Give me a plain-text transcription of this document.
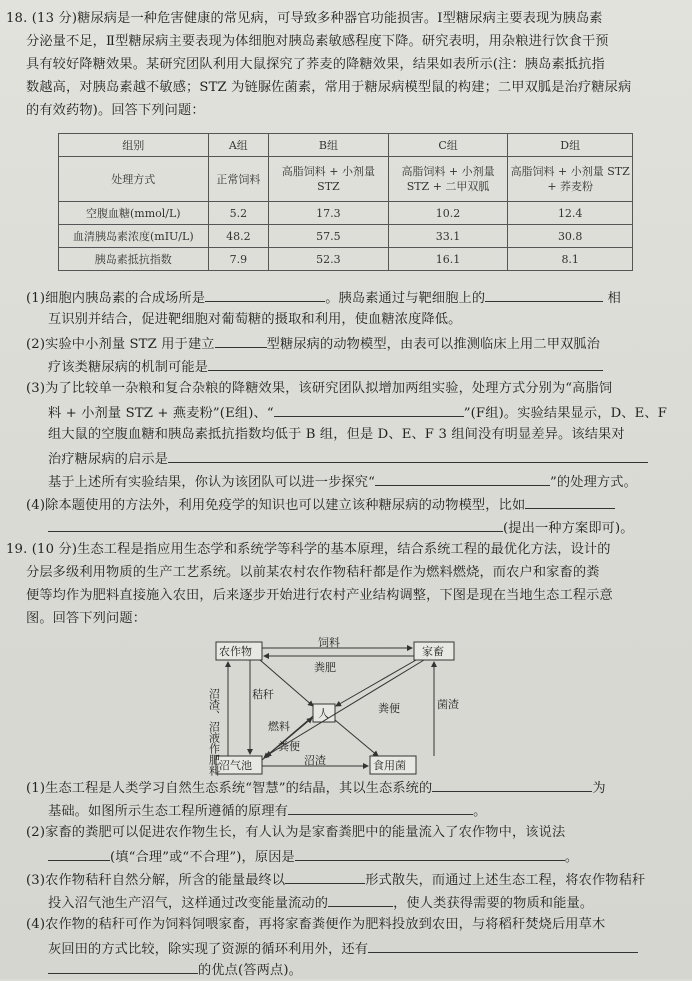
18. (13 分)糖尿病是一种危害健康的常见病，可导致多种器官功能损害。Ⅰ型糖尿病主要表现为胰岛素
分泌量不足，Ⅱ型糖尿病主要表现为体细胞对胰岛素敏感程度下降。研究表明，用杂粮进行饮食干预
具有较好降糖效果。某研究团队利用大鼠探究了荞麦的降糖效果，结果如表所示(注：胰岛素抵抗指
数越高，对胰岛素越不敏感；STZ 为链脲佐菌素，常用于糖尿病模型鼠的构建；二甲双胍是治疗糖尿病
的有效药物)。回答下列问题：
组别	A组	B组	C组	D组
处理方式	正常饲料	高脂饲料 + 小剂量 STZ	高脂饲料 + 小剂量 STZ + 二甲双胍	高脂饲料 + 小剂量 STZ + 荞麦粉
空腹血糖(mmol/L)	5.2	17.3	10.2	12.4
血清胰岛素浓度(mIU/L)	48.2	57.5	33.1	30.8
胰岛素抵抗指数	7.9	52.3	16.1	8.1
(1)细胞内胰岛素的合成场所是	。胰岛素通过与靶细胞上的	相
互识别并结合，促进靶细胞对葡萄糖的摄取和利用，使血糖浓度降低。
(2)实验中小剂量 STZ 用于建立	型糖尿病的动物模型，由表可以推测临床上用二甲双胍治
疗该类糖尿病的机制可能是
(3)为了比较单一杂粮和复合杂粮的降糖效果，该研究团队拟增加两组实验，处理方式分别为“高脂饲
料 + 小剂量 STZ + 燕麦粉”(E组)、“	”(F组)。实验结果显示，D、E、F
组大鼠的空腹血糖和胰岛素抵抗指数均低于 B 组，但是 D、E、F 3 组间没有明显差异。该结果对
治疗糖尿病的启示是
基于上述所有实验结果，你认为该团队可以进一步探究“	”的处理方式。
(4)除本题使用的方法外，利用免疫学的知识也可以建立该种糖尿病的动物模型，比如
(提出一种方案即可)。
19. (10 分)生态工程是指应用生态学和系统学等科学的基本原理，结合系统工程的最优化方法，设计的
分层多级利用物质的生产工艺系统。以前某农村农作物秸秆都是作为燃料燃烧，而农户和家畜的粪
便等均作为肥料直接施入农田，后来逐步开始进行农村产业结构调整，下图是现在当地生态工程示意
图。回答下列问题：
农作物	家畜
人
沼气池	食用菌
饲料
粪肥
秸秆
沼渣、沼液作肥料	燃料
粪便
粪便	菌渣
沼渣
(1)生态工程是人类学习自然生态系统“智慧”的结晶，其以生态系统的	为
基础。如图所示生态工程所遵循的原理有	。
(2)家畜的粪肥可以促进农作物生长，有人认为是家畜粪肥中的能量流入了农作物中，该说法
(填“合理”或“不合理”)，原因是	。
(3)农作物秸秆自然分解，所含的能量最终以	形式散失，而通过上述生态工程，将农作物秸秆
投入沼气池生产沼气，这样通过改变能量流动的	，使人类获得需要的物质和能量。
(4)农作物的秸秆可作为饲料饲喂家畜，再将家畜粪便作为肥料投放到农田，与将稻秆焚烧后用草木
灰回田的方式比较，除实现了资源的循环利用外，还有
的优点(答两点)。
